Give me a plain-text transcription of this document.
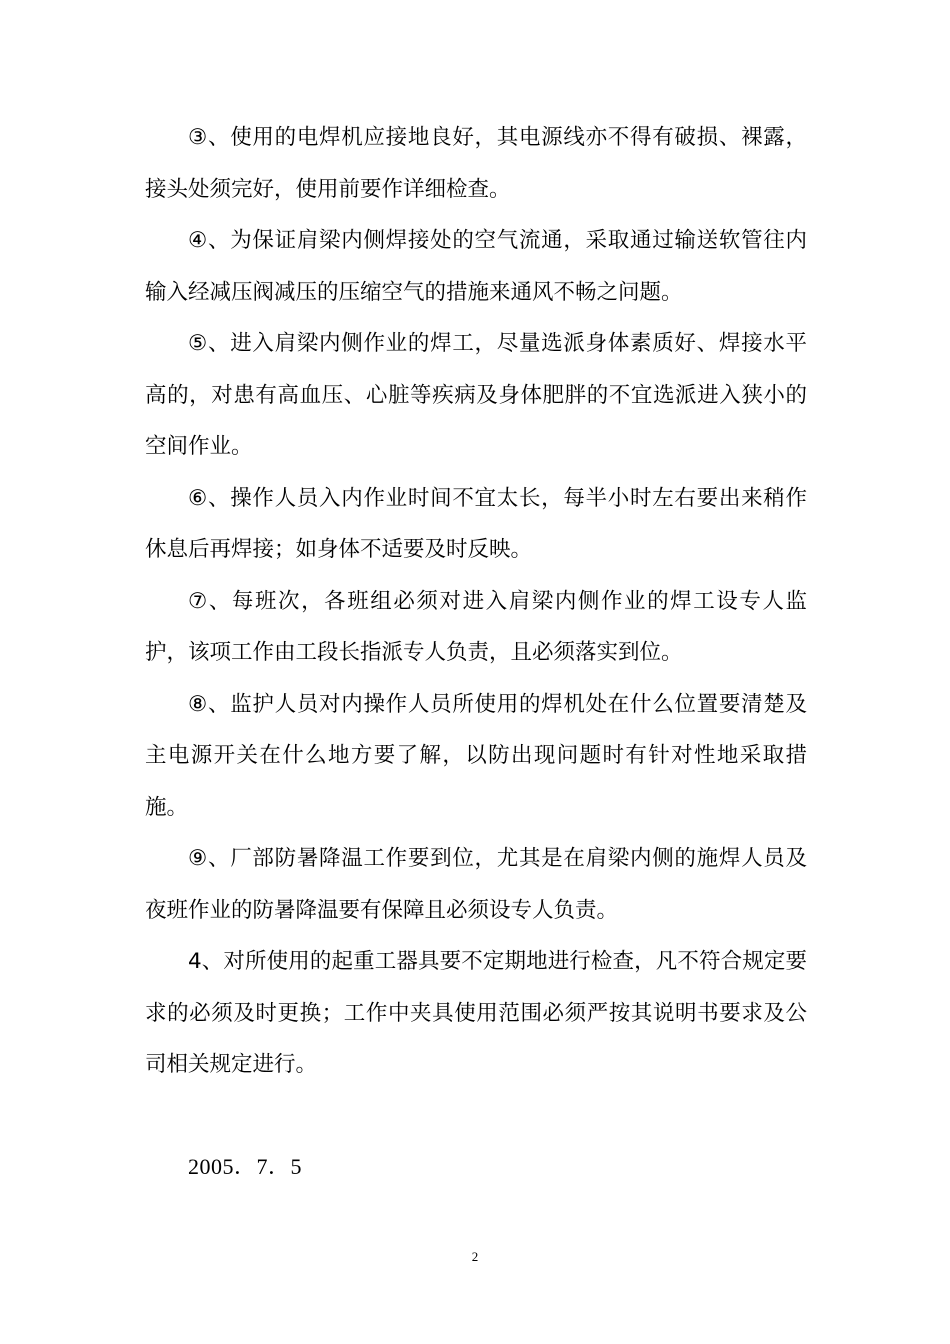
③、使用的电焊机应接地良好，其电源线亦不得有破损、裸露，接头处须完好，使用前要作详细检查。

④、为保证肩梁内侧焊接处的空气流通，采取通过输送软管往内输入经减压阀减压的压缩空气的措施来通风不畅之问题。

⑤、进入肩梁内侧作业的焊工，尽量选派身体素质好、焊接水平高的，对患有高血压、心脏等疾病及身体肥胖的不宜选派进入狭小的空间作业。

⑥、操作人员入内作业时间不宜太长，每半小时左右要出来稍作休息后再焊接；如身体不适要及时反映。

⑦、每班次，各班组必须对进入肩梁内侧作业的焊工设专人监护，该项工作由工段长指派专人负责，且必须落实到位。

⑧、监护人员对内操作人员所使用的焊机处在什么位置要清楚及主电源开关在什么地方要了解，以防出现问题时有针对性地采取措施。

⑨、厂部防暑降温工作要到位，尤其是在肩梁内侧的施焊人员及夜班作业的防暑降温要有保障且必须设专人负责。

4、对所使用的起重工器具要不定期地进行检查，凡不符合规定要求的必须及时更换；工作中夹具使用范围必须严按其说明书要求及公司相关规定进行。

2005．7．5
2
